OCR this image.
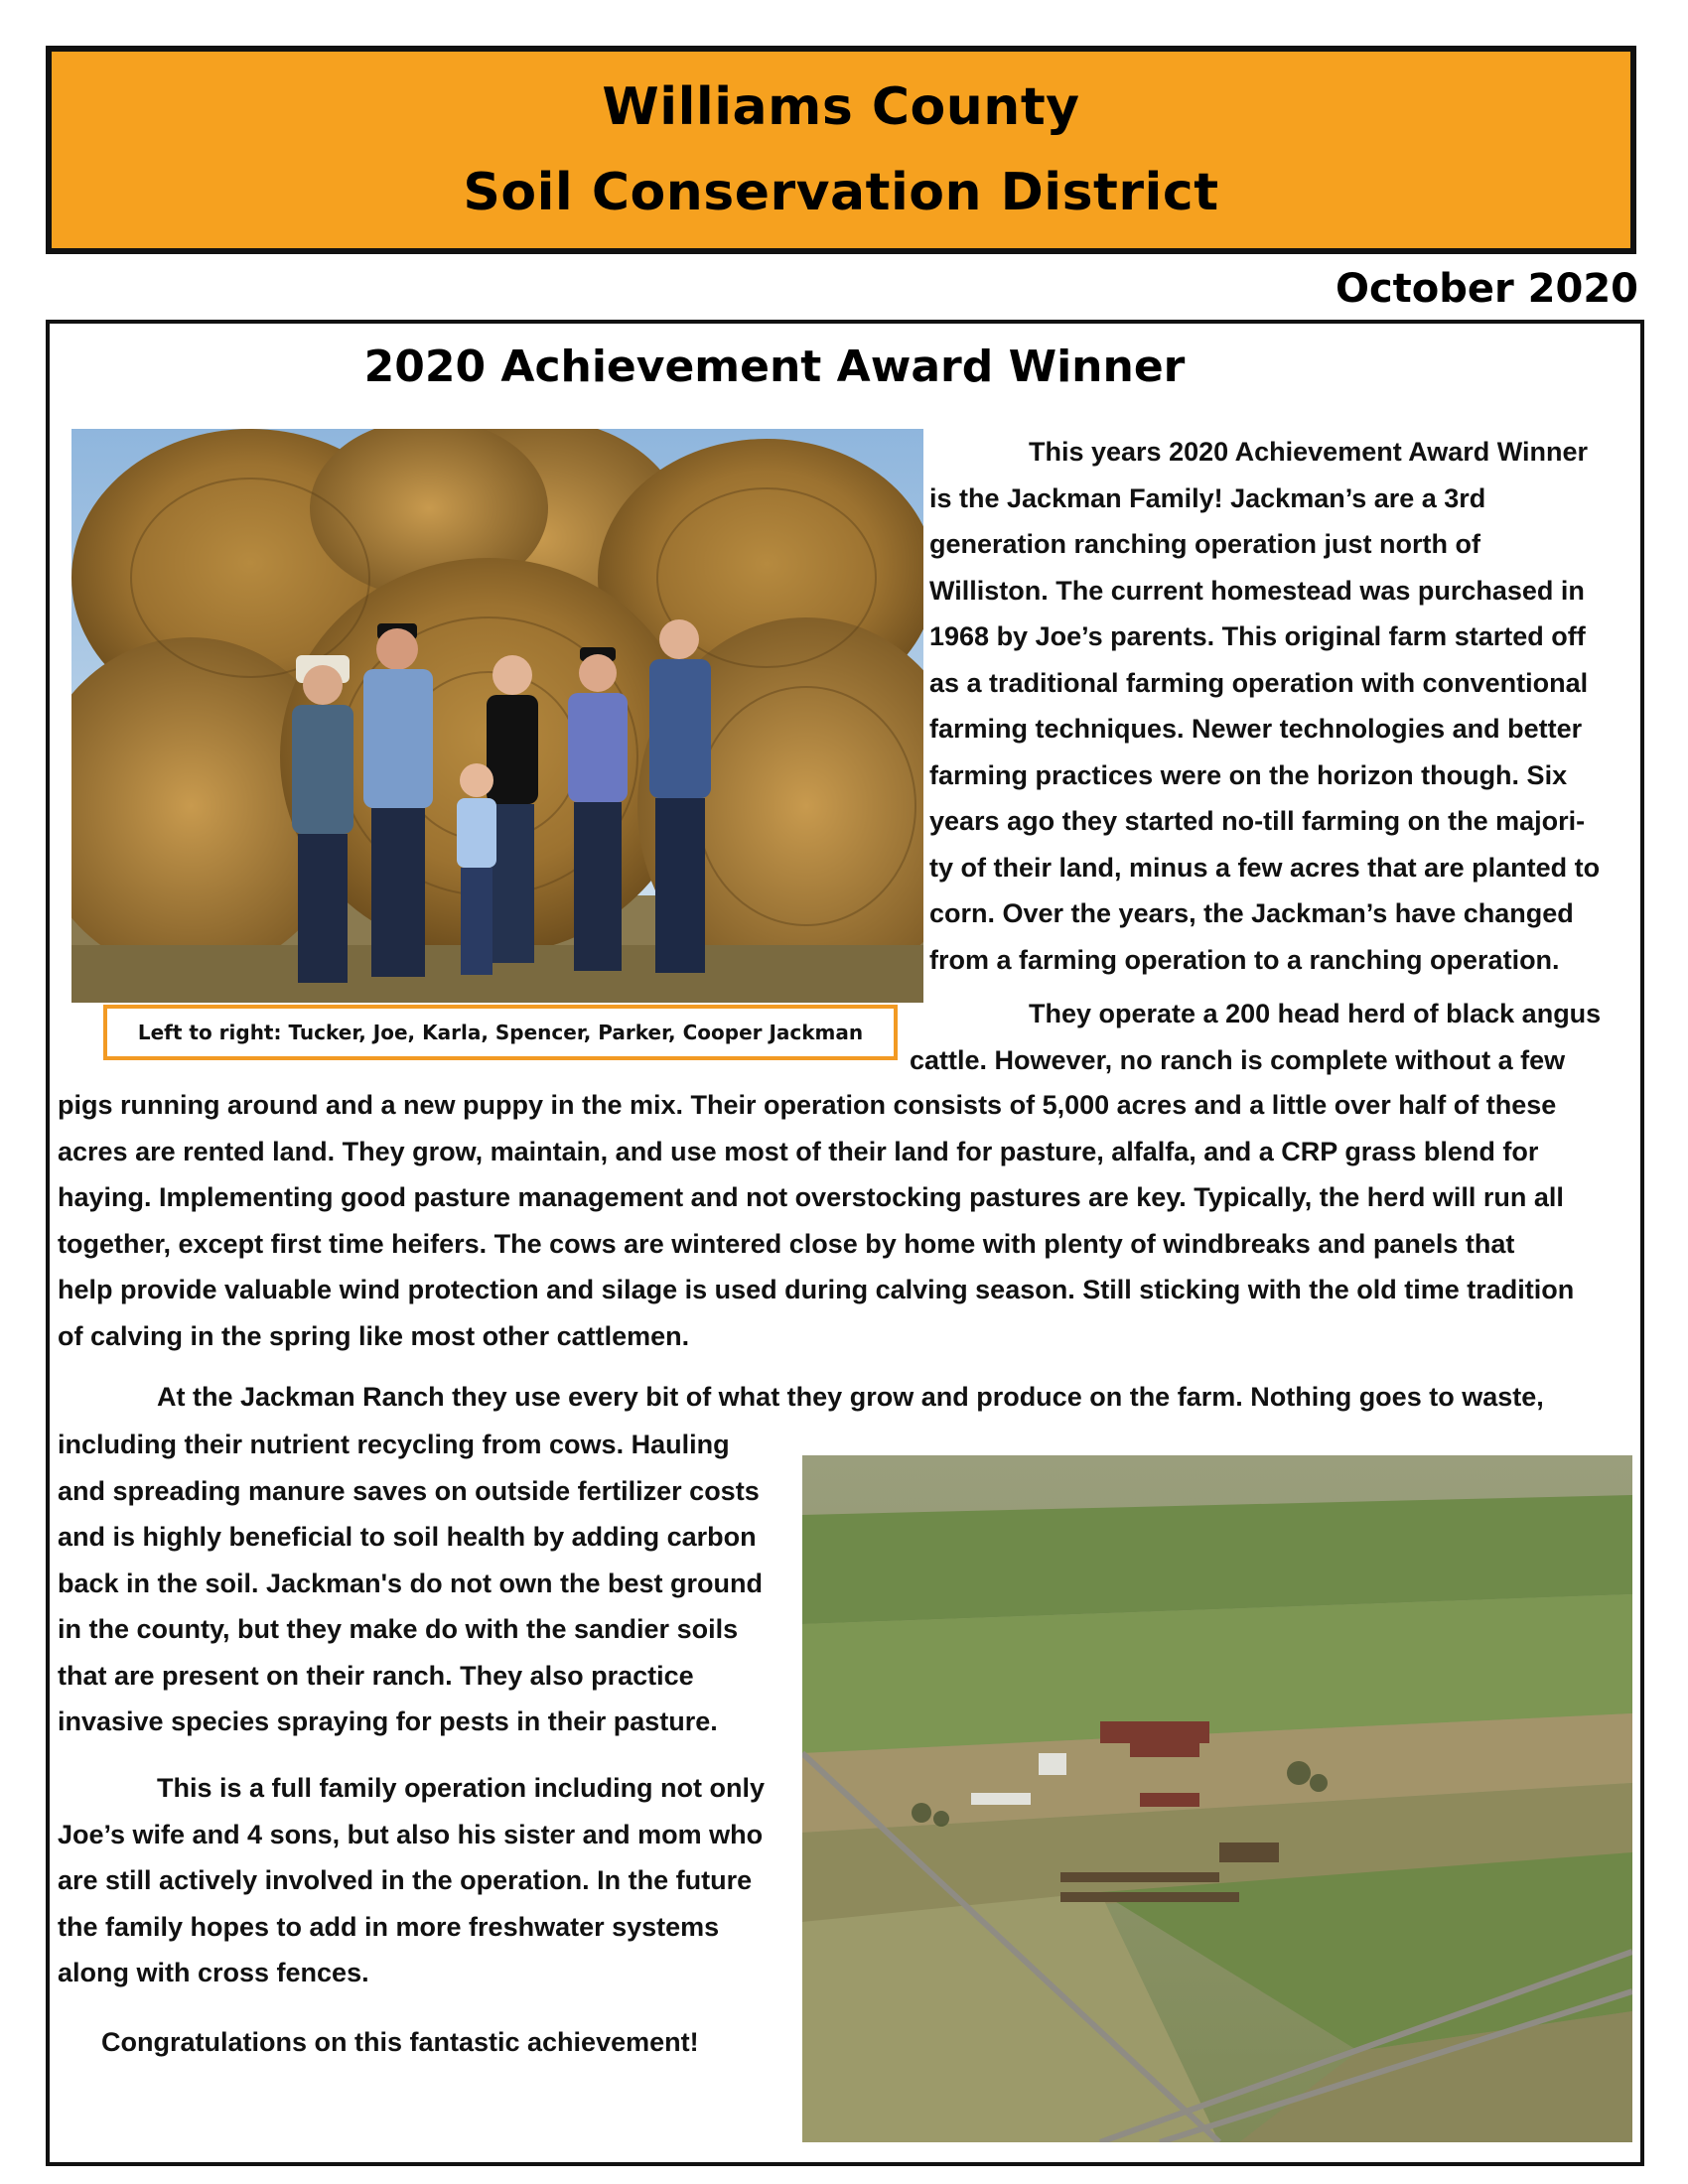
Williams County
Soil Conservation District
October 2020
2020 Achievement Award Winner
Left to right: Tucker, Joe, Karla, Spencer, Parker, Cooper Jackman
This years 2020 Achievement Award Winner
is the Jackman Family! Jackman’s are a 3rd
generation ranching operation just north of
Williston. The current homestead was purchased in
1968 by Joe’s parents. This original farm started off
as a traditional farming operation with conventional
farming techniques. Newer technologies and better
farming practices were on the horizon though. Six
years ago they started no-till farming on the majori-
ty of their land, minus a few acres that are planted to
corn. Over the years, the Jackman’s have changed
from a farming operation to a ranching operation.
They operate a 200 head herd of black angus
cattle. However, no ranch is complete without a few
pigs running around and a new puppy in the mix. Their operation consists of 5,000 acres and a little over half of these
acres are rented land. They grow, maintain, and use most of their land for pasture, alfalfa, and a CRP grass blend for
haying. Implementing good pasture management and not overstocking pastures are key. Typically, the herd will run all
together, except first time heifers. The cows are wintered close by home with plenty of windbreaks and panels that
help provide valuable wind protection and silage is used during calving season. Still sticking with the old time tradition
of calving in the spring like most other cattlemen.
At the Jackman Ranch they use every bit of what they grow and produce on the farm. Nothing goes to waste,
including their nutrient recycling from cows. Hauling
and spreading manure saves on outside fertilizer costs
and is highly beneficial to soil health by adding carbon
back in the soil. Jackman's do not own the best ground
in the county, but they make do with the sandier soils
that are present on their ranch. They also practice
invasive species spraying for pests in their pasture.
This is a full family operation including not only
Joe’s wife and 4 sons, but also his sister and mom who
are still actively involved in the operation. In the future
the family hopes to add in more freshwater systems
along with cross fences.
Congratulations on this fantastic achievement!
